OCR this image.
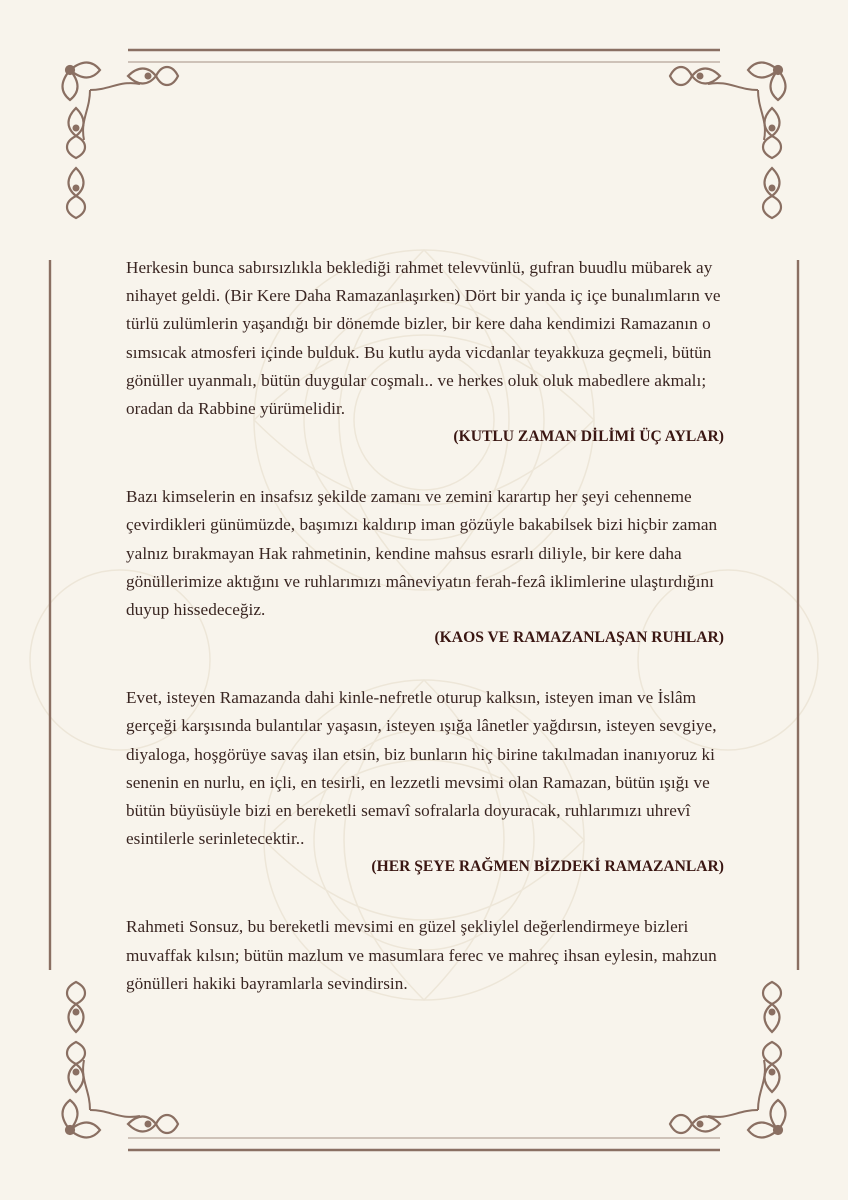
Herkesin bunca sabırsızlıkla beklediği rahmet televvünlü, gufran buudlu mübarek ay nihayet geldi. (Bir Kere Daha Ramazanlaşırken) Dört bir yanda iç içe bunalımların ve türlü zulümlerin yaşandığı bir dönemde bizler, bir kere daha kendimizi Ramazanın o sımsıcak atmosferi içinde bulduk. Bu kutlu ayda vicdanlar teyakkuza geçmeli, bütün gönüller uyanmalı, bütün duygular coşmalı.. ve herkes oluk oluk mabedlere akmalı; oradan da Rabbine yürümelidir.

(KUTLU ZAMAN DİLİMİ ÜÇ AYLAR)

Bazı kimselerin en insafsız şekilde zamanı ve zemini karartıp her şeyi cehenneme çevirdikleri günümüzde, başımızı kaldırıp iman gözüyle bakabilsek bizi hiçbir zaman yalnız bırakmayan Hak rahmetinin, kendine mahsus esrarlı diliyle, bir kere daha gönüllerimize aktığını ve ruhlarımızı mâneviyatın ferah-fezâ iklimlerine ulaştırdığını duyup hissedeceğiz.

(KAOS VE RAMAZANLAŞAN RUHLAR)

Evet, isteyen Ramazanda dahi kinle-nefretle oturup kalksın, isteyen iman ve İslâm gerçeği karşısında bulantılar yaşasın, isteyen ışığa lânetler yağdırsın, isteyen sevgiye, diyaloga, hoşgörüye savaş ilan etsin, biz bunların hiç birine takılmadan inanıyoruz ki senenin en nurlu, en içli, en tesirli, en lezzetli mevsimi olan Ramazan, bütün ışığı ve bütün büyüsüyle bizi en bereketli semavî sofralarla doyuracak, ruhlarımızı uhrevî esintilerle serinletecektir..

(HER ŞEYE RAĞMEN BİZDEKİ RAMAZANLAR)

Rahmeti Sonsuz, bu bereketli mevsimi en güzel şekliylel değerlendirmeye bizleri muvaffak kılsın; bütün mazlum ve masumlara ferec ve mahreç ihsan eylesin, mahzun gönülleri hakiki bayramlarla sevindirsin.
